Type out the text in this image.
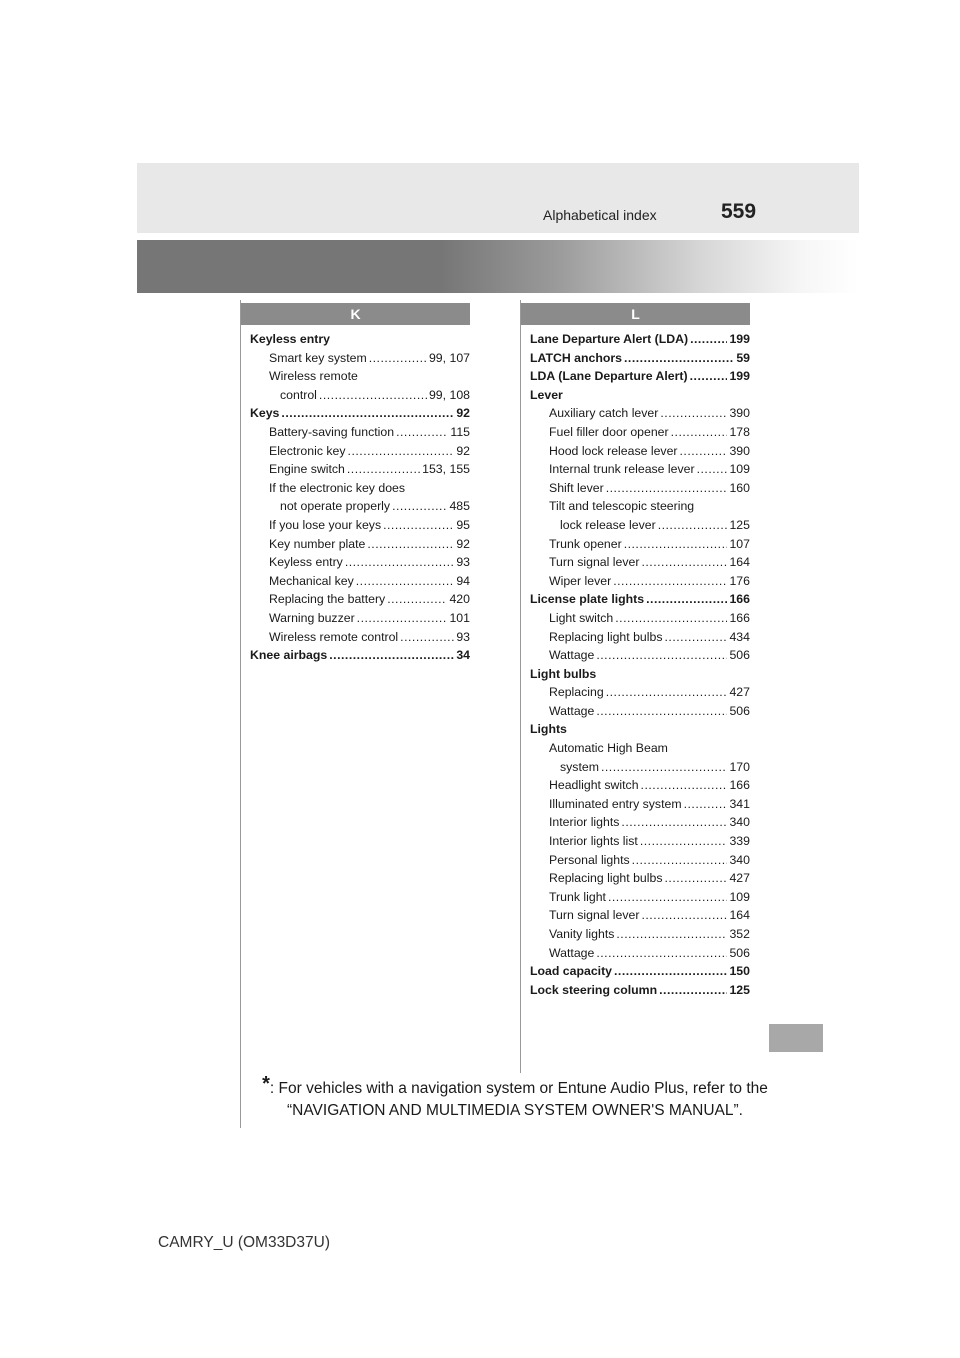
Alphabetical index	559
K	L
Keyless entry
Smart key system .....	99, 107
Wireless remote
control .....	99, 108
Keys .....	92
Battery-saving function .....	115
Electronic key .....	92
Engine switch .....	153, 155
If the electronic key does
not operate properly .....	485
If you lose your keys .....	95
Key number plate .....	92
Keyless entry .....	93
Mechanical key .....	94
Replacing the battery .....	420
Warning buzzer .....	101
Wireless remote control .....	93
Knee airbags .....	34
Lane Departure Alert (LDA) .....	199
LATCH anchors .....	59
LDA (Lane Departure Alert) .....	199
Lever
Auxiliary catch lever .....	390
Fuel filler door opener .....	178
Hood lock release lever .....	390
Internal trunk release lever .....	109
Shift lever .....	160
Tilt and telescopic steering
lock release lever .....	125
Trunk opener .....	107
Turn signal lever .....	164
Wiper lever .....	176
License plate lights .....	166
Light switch .....	166
Replacing light bulbs .....	434
Wattage .....	506
Light bulbs
Replacing .....	427
Wattage .....	506
Lights
Automatic High Beam
system .....	170
Headlight switch .....	166
Illuminated entry system .....	341
Interior lights .....	340
Interior lights list .....	339
Personal lights .....	340
Replacing light bulbs .....	427
Trunk light .....	109
Turn signal lever .....	164
Vanity lights .....	352
Wattage .....	506
Load capacity .....	150
Lock steering column .....	125
*: For vehicles with a navigation system or Entune Audio Plus, refer to the “NAVIGATION AND MULTIMEDIA SYSTEM OWNER'S MANUAL”.
CAMRY_U (OM33D37U)
